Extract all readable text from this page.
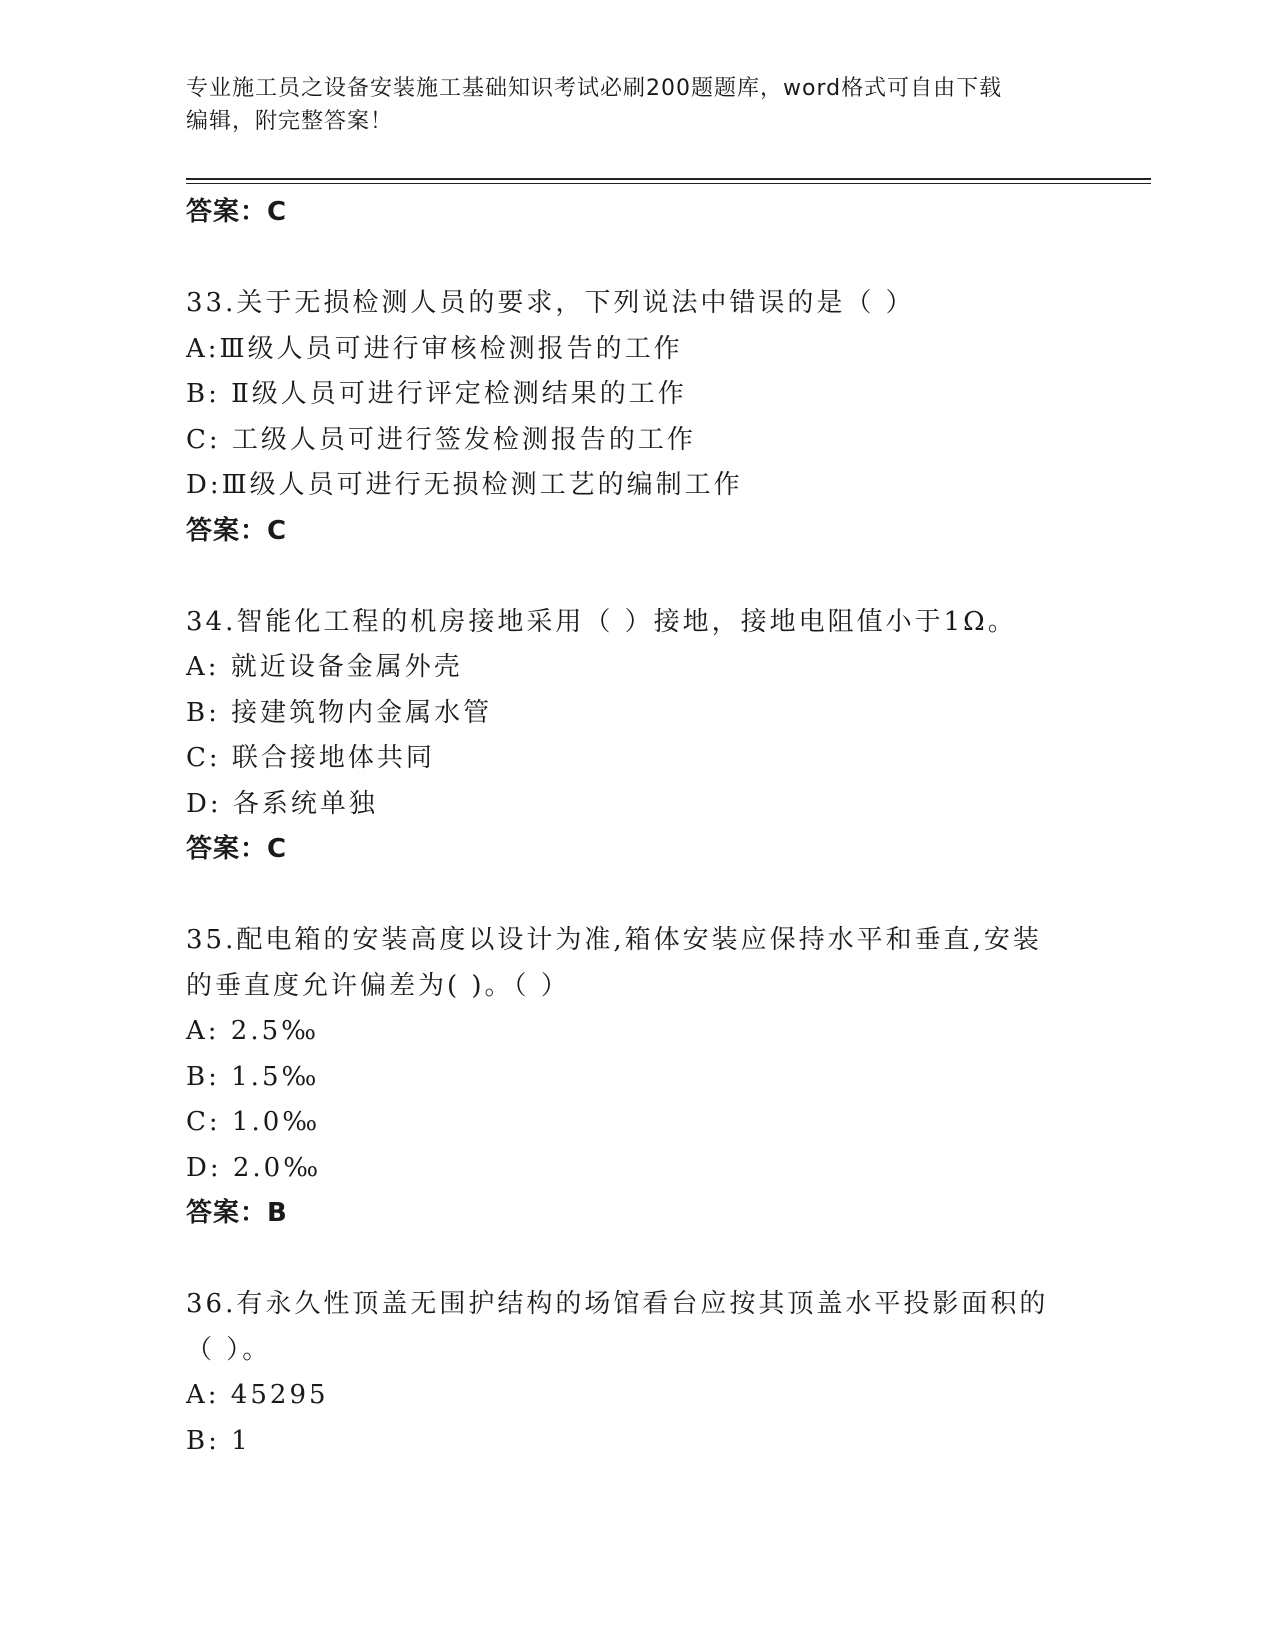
专业施工员之设备安装施工基础知识考试必刷200题题库，word格式可自由下载
编辑，附完整答案！
答案：C
33.关于无损检测人员的要求，下列说法中错误的是（ ）
A:Ⅲ级人员可进行审核检测报告的工作
B: Ⅱ级人员可进行评定检测结果的工作
C: 工级人员可进行签发检测报告的工作
D:Ⅲ级人员可进行无损检测工艺的编制工作
答案：C
34.智能化工程的机房接地采用（ ）接地，接地电阻值小于1Ω。
A: 就近设备金属外壳
B: 接建筑物内金属水管
C: 联合接地体共同
D: 各系统单独
答案：C
35.配电箱的安装高度以设计为准,箱体安装应保持水平和垂直,安装的垂直度允许偏差为( )。（ ）
A: 2.5‰
B: 1.5‰
C: 1.0‰
D: 2.0‰
答案：B
36.有永久性顶盖无围护结构的场馆看台应按其顶盖水平投影面积的（ ）。
A: 45295
B: 1
